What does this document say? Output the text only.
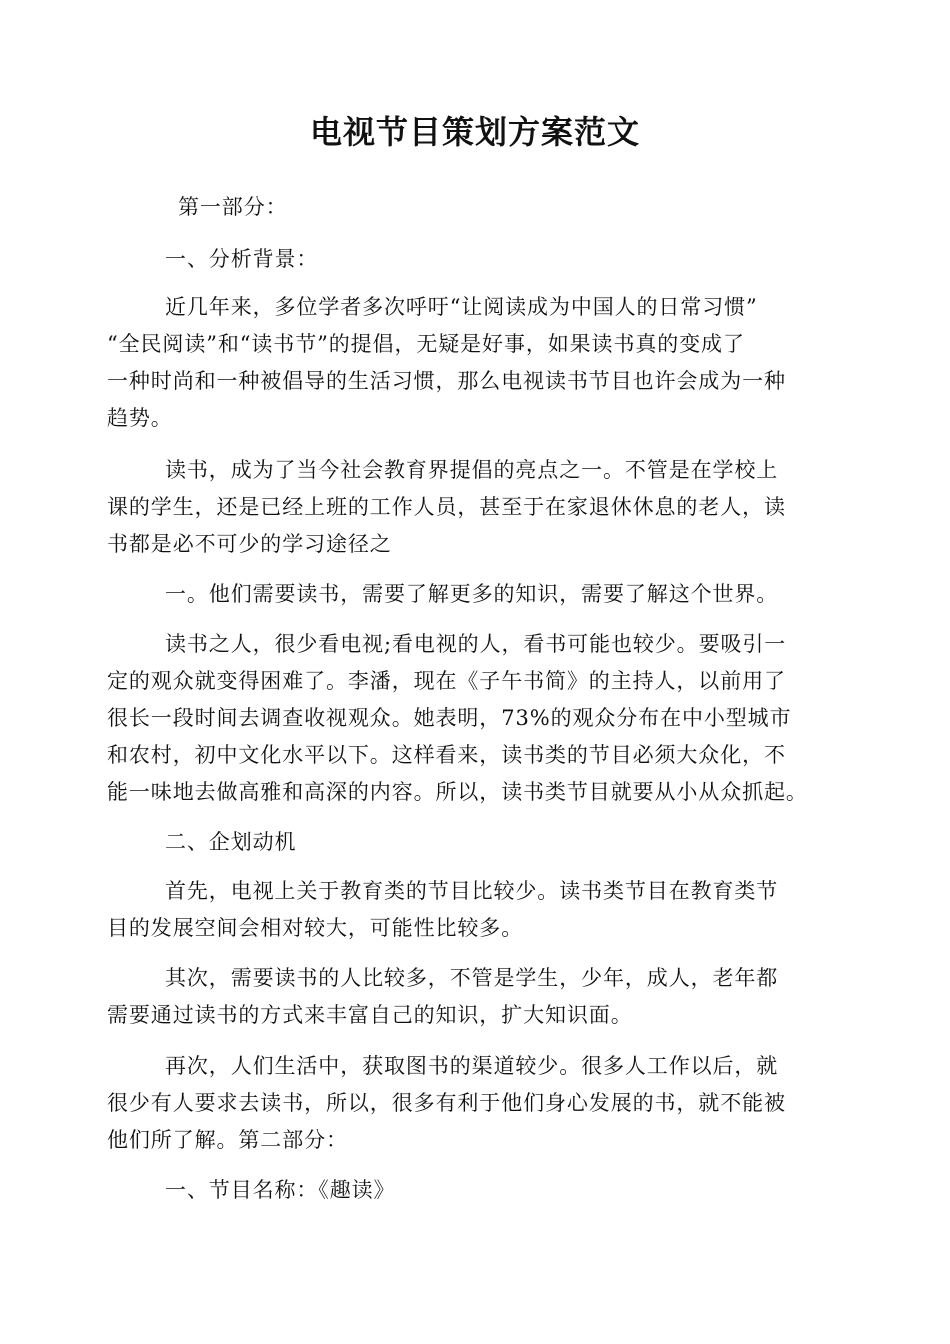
电视节目策划方案范文
第一部分：
一、分析背景：
近几年来，多位学者多次呼吁“让阅读成为中国人的日常习惯”
“全民阅读”和“读书节”的提倡，无疑是好事，如果读书真的变成了
一种时尚和一种被倡导的生活习惯，那么电视读书节目也许会成为一种
趋势。
读书，成为了当今社会教育界提倡的亮点之一。不管是在学校上
课的学生，还是已经上班的工作人员，甚至于在家退休休息的老人，读
书都是必不可少的学习途径之
一。他们需要读书，需要了解更多的知识，需要了解这个世界。
读书之人，很少看电视;看电视的人，看书可能也较少。要吸引一
定的观众就变得困难了。李潘，现在《子午书简》的主持人，以前用了
很长一段时间去调查收视观众。她表明，73%的观众分布在中小型城市
和农村，初中文化水平以下。这样看来，读书类的节目必须大众化，不
能一味地去做高雅和高深的内容。所以，读书类节目就要从小从众抓起。
二、企划动机
首先，电视上关于教育类的节目比较少。读书类节目在教育类节
目的发展空间会相对较大，可能性比较多。
其次，需要读书的人比较多，不管是学生，少年，成人，老年都
需要通过读书的方式来丰富自己的知识，扩大知识面。
再次，人们生活中，获取图书的渠道较少。很多人工作以后，就
很少有人要求去读书，所以，很多有利于他们身心发展的书，就不能被
他们所了解。第二部分：
一、节目名称：《趣读》
